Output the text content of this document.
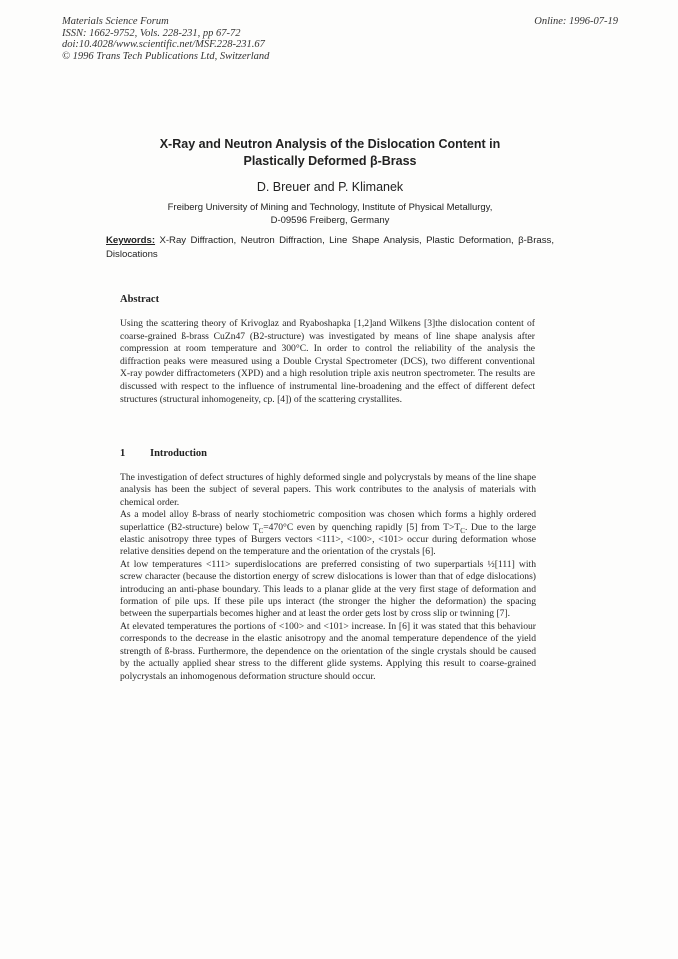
Materials Science Forum
ISSN: 1662-9752, Vols. 228-231, pp 67-72
doi:10.4028/www.scientific.net/MSF.228-231.67
© 1996 Trans Tech Publications Ltd, Switzerland
Online: 1996-07-19
X-Ray and Neutron Analysis of the Dislocation Content in
Plastically Deformed β-Brass
D. Breuer and P. Klimanek
Freiberg University of Mining and Technology, Institute of Physical Metallurgy,
D-09596 Freiberg, Germany
Keywords: X-Ray Diffraction, Neutron Diffraction, Line Shape Analysis, Plastic Deformation, β-Brass, Dislocations
Abstract
Using the scattering theory of Krivoglaz and Ryaboshapka [1,2]and Wilkens [3]the dislocation content of coarse-grained ß-brass CuZn47 (B2-structure) was investigated by means of line shape analysis after compression at room temperature and 300°C. In order to control the reliability of the analysis the diffraction peaks were measured using a Double Crystal Spectrometer (DCS), two different conventional X-ray powder diffractometers (XPD) and a high resolution triple axis neutron spectrometer. The results are discussed with respect to the influence of instrumental line-broadening and the effect of different defect structures (structural inhomogeneity, cp. [4]) of the scattering crystallites.
1 Introduction

The investigation of defect structures of highly deformed single and polycrystals by means of the line shape analysis has been the subject of several papers. This work contributes to the analysis of materials with chemical order.

As a model alloy ß-brass of nearly stochiometric composition was chosen which forms a highly ordered superlattice (B2-structure) below $T_C=470^\circ C$ even by quenching rapidly [5] from $T>T_C$. Due to the large elastic anisotropy three types of Burgers vectors <111>, <100>, <101> occur during deformation whose relative densities depend on the temperature and the orientation of the crystals [6].

At low temperatures <111> superdislocations are preferred consisting of two superpartials ½[111] with screw character (because the distortion energy of screw dislocations is lower than that of edge dislocations) introducing an anti-phase boundary. This leads to a planar glide at the very first stage of deformation and formation of pile ups. If these pile ups interact (the stronger the higher the deformation) the spacing between the superpartials becomes higher and at least the order gets lost by cross slip or twinning [7].

At elevated temperatures the portions of <100> and <101> increase. In [6] it was stated that this behaviour corresponds to the decrease in the elastic anisotropy and the anomal temperature dependence of the yield strength of ß-brass. Furthermore, the dependence on the orientation of the single crystals should be caused by the actually applied shear stress to the different glide systems. Applying this result to coarse-grained polycrystals an inhomogenous deformation structure should occur.
